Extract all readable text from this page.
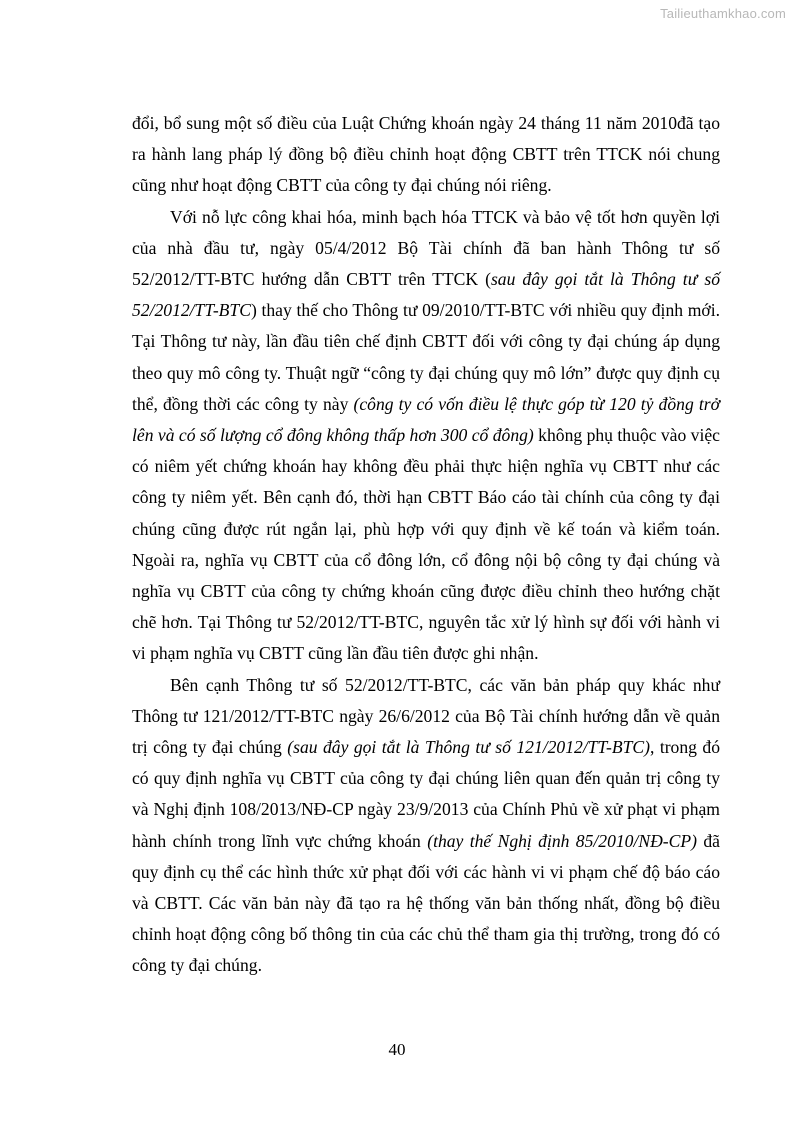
Tailieuthamkhao.com

đổi, bổ sung một số điều của Luật Chứng khoán ngày 24 tháng 11 năm 2010đã tạo ra hành lang pháp lý đồng bộ điều chỉnh hoạt động CBTT trên TTCK nói chung cũng như hoạt động CBTT của công ty đại chúng nói riêng.

Với nỗ lực công khai hóa, minh bạch hóa TTCK và bảo vệ tốt hơn quyền lợi của nhà đầu tư, ngày 05/4/2012 Bộ Tài chính đã ban hành Thông tư số 52/2012/TT-BTC hướng dẫn CBTT trên TTCK (sau đây gọi tắt là Thông tư số 52/2012/TT-BTC) thay thế cho Thông tư 09/2010/TT-BTC với nhiều quy định mới. Tại Thông tư này, lần đầu tiên chế định CBTT đối với công ty đại chúng áp dụng theo quy mô công ty. Thuật ngữ “công ty đại chúng quy mô lớn” được quy định cụ thể, đồng thời các công ty này (công ty có vốn điều lệ thực góp từ 120 tỷ đồng trở lên và có số lượng cổ đông không thấp hơn 300 cổ đông) không phụ thuộc vào việc có niêm yết chứng khoán hay không đều phải thực hiện nghĩa vụ CBTT như các công ty niêm yết. Bên cạnh đó, thời hạn CBTT Báo cáo tài chính của công ty đại chúng cũng được rút ngắn lại, phù hợp với quy định về kế toán và kiểm toán. Ngoài ra, nghĩa vụ CBTT của cổ đông lớn, cổ đông nội bộ công ty đại chúng và nghĩa vụ CBTT của công ty chứng khoán cũng được điều chỉnh theo hướng chặt chẽ hơn. Tại Thông tư 52/2012/TT-BTC, nguyên tắc xử lý hình sự đối với hành vi vi phạm nghĩa vụ CBTT cũng lần đầu tiên được ghi nhận.

Bên cạnh Thông tư số 52/2012/TT-BTC, các văn bản pháp quy khác như Thông tư 121/2012/TT-BTC ngày 26/6/2012 của Bộ Tài chính hướng dẫn về quản trị công ty đại chúng (sau đây gọi tắt là Thông tư số 121/2012/TT-BTC), trong đó có quy định nghĩa vụ CBTT của công ty đại chúng liên quan đến quản trị công ty và Nghị định 108/2013/NĐ-CP ngày 23/9/2013 của Chính Phủ về xử phạt vi phạm hành chính trong lĩnh vực chứng khoán (thay thế Nghị định 85/2010/NĐ-CP) đã quy định cụ thể các hình thức xử phạt đối với các hành vi vi phạm chế độ báo cáo và CBTT. Các văn bản này đã tạo ra hệ thống văn bản thống nhất, đồng bộ điều chỉnh hoạt động công bố thông tin của các chủ thể tham gia thị trường, trong đó có công ty đại chúng.

40
